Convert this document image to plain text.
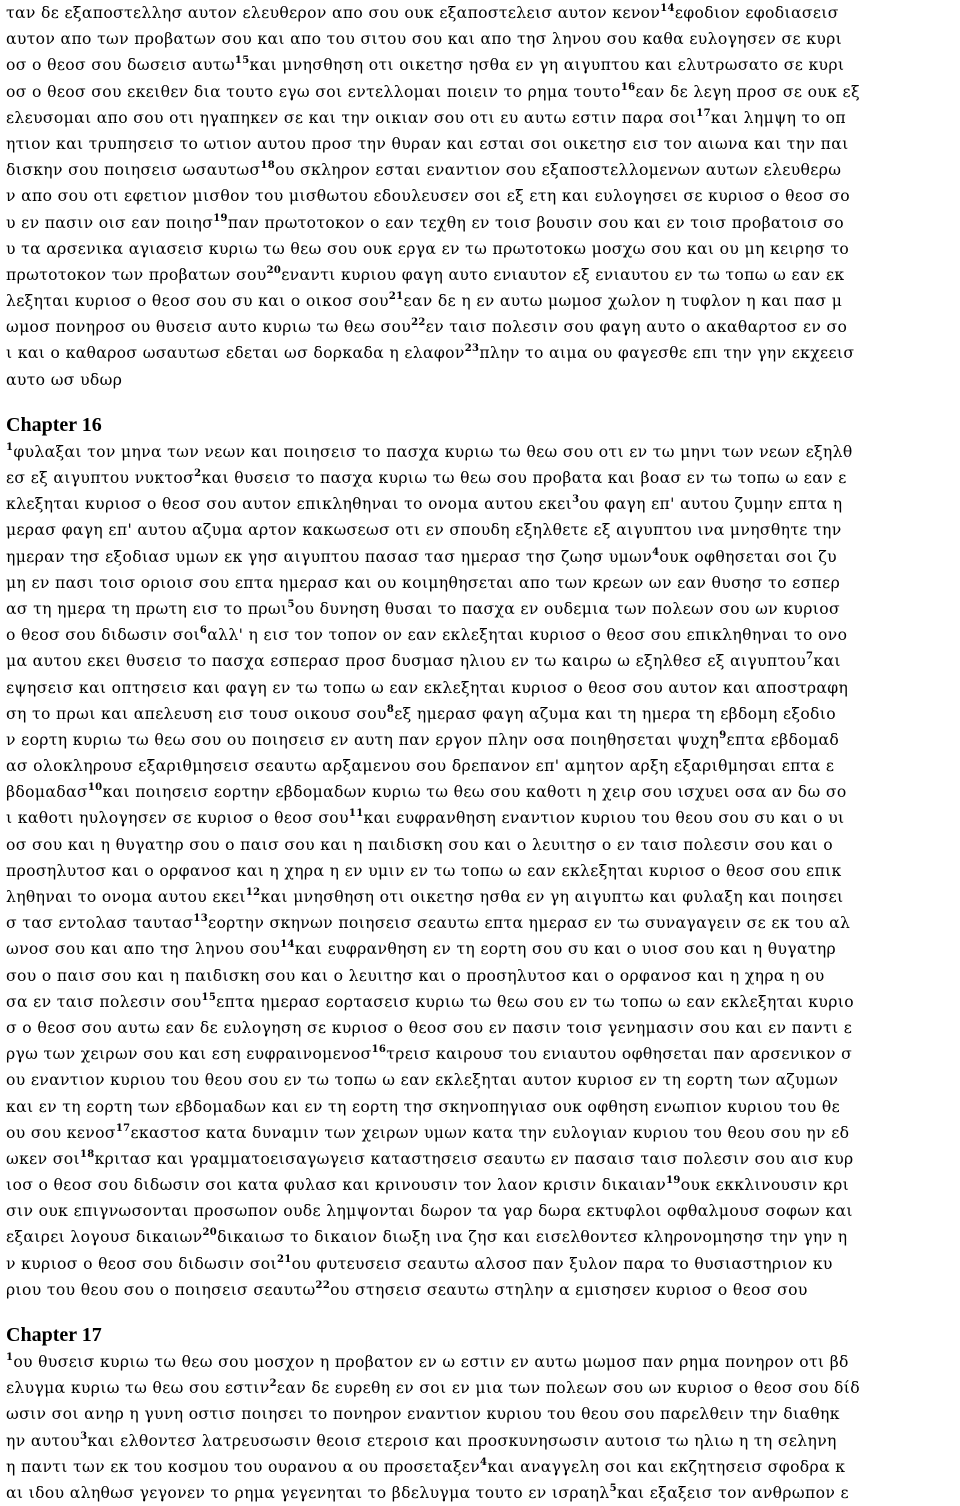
ταν δε εξαποστελλησ αυτον ελευθερον απο σου ουκ εξαποστελεισ αυτον κενον$^{14}$εφοδιον εφοδιασεισ
αυτον απο των προβατων σου και απο του σιτου σου και απο τησ ληνου σου καθα ευλογησεν σε κυρι
οσ ο θεοσ σου δωσεισ αυτω$^{15}$και μνησθηση οτι οικετησ ησθα εν γη αιγυπτου και ελυτρωσατο σε κυρι
οσ ο θεοσ σου εκειθεν δια τουτο εγω σοι εντελλομαι ποιειν το ρημα τουτο$^{16}$εαν δε λεγη προσ σε ουκ εξ
ελευσομαι απο σου οτι ηγαπηκεν σε και την οικιαν σου οτι ευ αυτω εστιν παρα σοι$^{17}$και λημψη το οπ
ητιον και τρυπησεισ το ωτιον αυτου προσ την θυραν και εσται σοι οικετησ εισ τον αιωνα και την παι
δισκην σου ποιησεισ ωσαυτωσ$^{18}$ου σκληρον εσται εναντιον σου εξαποστελλομενων αυτων ελευθερω
ν απο σου οτι εφετιον μισθον του μισθωτου εδουλευσεν σοι εξ ετη και ευλογησει σε κυριοσ ο θεοσ σο
υ εν πασιν οισ εαν ποιησ$^{19}$παν πρωτοτοκον ο εαν τεχθη εν τοισ βουσιν σου και εν τοισ προβατοισ σο
υ τα αρσενικα αγιασεισ κυριω τω θεω σου ουκ εργα εν τω πρωτοτοκω μοσχω σου και ου μη κειρησ το
πρωτοτοκον των προβατων σου$^{20}$εναντι κυριου φαγη αυτο ενιαυτον εξ ενιαυτου εν τω τοπω ω εαν εκ
λεξηται κυριοσ ο θεοσ σου συ και ο οικοσ σου$^{21}$εαν δε η εν αυτω μωμοσ χωλον η τυφλον η και πασ μ
ωμοσ πονηροσ ου θυσεισ αυτο κυριω τω θεω σου$^{22}$εν ταισ πολεσιν σου φαγη αυτο ο ακαθαρτοσ εν σο
ι και ο καθαροσ ωσαυτωσ εδεται ωσ δορκαδα η ελαφον$^{23}$πλην το αιμα ου φαγεσθε επι την γην εκχεεισ
αυτο ωσ υδωρ
Chapter 16
$^1$φυλαξαι τον μηνα των νεων και ποιησεισ το πασχα κυριω τω θεω σου οτι εν τω μηνι των νεων εξηλθ
εσ εξ αιγυπτου νυκτοσ$^2$και θυσεισ το πασχα κυριω τω θεω σου προβατα και βοασ εν τω τοπω ω εαν ε
κλεξηται κυριοσ ο θεοσ σου αυτον επικληθηναι το ονομα αυτου εκει$^3$ου φαγη επ' αυτου ζυμην επτα η
μερασ φαγη επ' αυτου αζυμα αρτον κακωσεωσ οτι εν σπουδη εξηλθετε εξ αιγυπτου ινα μνησθητε την
ημεραν τησ εξοδιασ υμων εκ γησ αιγυπτου πασασ τασ ημερασ τησ ζωησ υμων$^4$ουκ οφθησεται σοι ζυ
μη εν πασι τοισ οριοισ σου επτα ημερασ και ου κοιμηθησεται απο των κρεων ων εαν θυσησ το εσπερ
ασ τη ημερα τη πρωτη εισ το πρωι$^5$ου δυνηση θυσαι το πασχα εν ουδεμια των πολεων σου ων κυριοσ
ο θεοσ σου διδωσιν σοι$^6$αλλ' η εισ τον τοπον ον εαν εκλεξηται κυριοσ ο θεοσ σου επικληθηναι το ονο
μα αυτου εκει θυσεισ το πασχα εσπερασ προσ δυσμασ ηλιου εν τω καιρω ω εξηλθεσ εξ αιγυπτου$^7$και
εψησεισ και οπτησεισ και φαγη εν τω τοπω ω εαν εκλεξηται κυριοσ ο θεοσ σου αυτον και αποστραφη
ση το πρωι και απελευση εισ τουσ οικουσ σου$^8$εξ ημερασ φαγη αζυμα και τη ημερα τη εβδομη εξοδιο
ν εορτη κυριω τω θεω σου ου ποιησεισ εν αυτη παν εργον πλην οσα ποιηθησεται ψυχη$^9$επτα εβδομαδ
ασ ολοκληρουσ εξαριθμησεισ σεαυτω αρξαμενου σου δρεπανον επ' αμητον αρξη εξαριθμησαι επτα ε
βδομαδασ$^{10}$και ποιησεισ εορτην εβδομαδων κυριω τω θεω σου καθοτι η χειρ σου ισχυει οσα αν δω σο
ι καθοτι ηυλογησεν σε κυριοσ ο θεοσ σου$^{11}$και ευφρανθηση εναντιον κυριου του θεου σου συ και ο υι
οσ σου και η θυγατηρ σου ο παισ σου και η παιδισκη σου και ο λευιτησ ο εν ταισ πολεσιν σου και ο
προσηλυτοσ και ο ορφανοσ και η χηρα η εν υμιν εν τω τοπω ω εαν εκλεξηται κυριοσ ο θεοσ σου επικ
ληθηναι το ονομα αυτου εκει$^{12}$και μνησθηση οτι οικετησ ησθα εν γη αιγυπτω και φυλαξη και ποιησει
σ τασ εντολασ ταυτασ$^{13}$εορτην σκηνων ποιησεισ σεαυτω επτα ημερασ εν τω συναγαγειν σε εκ του αλ
ωνοσ σου και απο τησ ληνου σου$^{14}$και ευφρανθηση εν τη εορτη σου συ και ο υιοσ σου και η θυγατηρ
σου ο παισ σου και η παιδισκη σου και ο λευιτησ και ο προσηλυτοσ και ο ορφανοσ και η χηρα η ου
σα εν ταισ πολεσιν σου$^{15}$επτα ημερασ εορτασεισ κυριω τω θεω σου εν τω τοπω ω εαν εκλεξηται κυριο
σ ο θεοσ σου αυτω εαν δε ευλογηση σε κυριοσ ο θεοσ σου εν πασιν τοισ γενημασιν σου και εν παντι ε
ργω των χειρων σου και εση ευφραινομενοσ$^{16}$τρεισ καιρουσ του ενιαυτου οφθησεται παν αρσενικον σ
ου εναντιον κυριου του θεου σου εν τω τοπω ω εαν εκλεξηται αυτον κυριοσ εν τη εορτη των αζυμων
και εν τη εορτη των εβδομαδων και εν τη εορτη τησ σκηνοπηγιασ ουκ οφθηση ενωπιον κυριου του θε
ου σου κενοσ$^{17}$εκαστοσ κατα δυναμιν των χειρων υμων κατα την ευλογιαν κυριου του θεου σου ην εδ
ωκεν σοι$^{18}$κριτασ και γραμματοεισαγωγεισ καταστησεισ σεαυτω εν πασαισ ταισ πολεσιν σου αισ κυρ
ιοσ ο θεοσ σου διδωσιν σοι κατα φυλασ και κρινουσιν τον λαον κρισιν δικαιαν$^{19}$ουκ εκκλινουσιν κρι
σιν ουκ επιγνωσονται προσωπον ουδε λημψονται δωρον τα γαρ δωρα εκτυφλοι οφθαλμουσ σοφων και
εξαιρει λογουσ δικαιων$^{20}$δικαιωσ το δικαιον διωξη ινα ζησ και εισελθοντεσ κληρονομησησ την γην η
ν κυριοσ ο θεοσ σου διδωσιν σοι$^{21}$ου φυτευσεισ σεαυτω αλσοσ παν ξυλον παρα το θυσιαστηριον κυ
ριου του θεου σου ο ποιησεισ σεαυτω$^{22}$ου στησεισ σεαυτω στηλην α εμισησεν κυριοσ ο θεοσ σου
Chapter 17
$^1$ου θυσεισ κυριω τω θεω σου μοσχον η προβατον εν ω εστιν εν αυτω μωμοσ παν ρημα πονηρον οτι βδ
ελυγμα κυριω τω θεω σου εστιν$^2$εαν δε ευρεθη εν σοι εν μια των πολεων σου ων κυριοσ ο θεοσ σου δίδ
ωσιν σοι ανηρ η γυνη οστισ ποιησει το πονηρον εναντιον κυριου του θεου σου παρελθειν την διαθηκ
ην αυτου$^3$και ελθοντεσ λατρευσωσιν θεοισ ετεροισ και προσκυνησωσιν αυτοισ τω ηλιω η τη σεληνη
η παντι των εκ του κοσμου του ουρανου α ου προσεταξεν$^4$και αναγγελη σοι και εκζητησεισ σφοδρα κ
αι ιδου αληθωσ γεγονεν το ρημα γεγενηται το βδελυγμα τουτο εν ισραηλ$^5$και εξαξεισ τον ανθρωπον ε
